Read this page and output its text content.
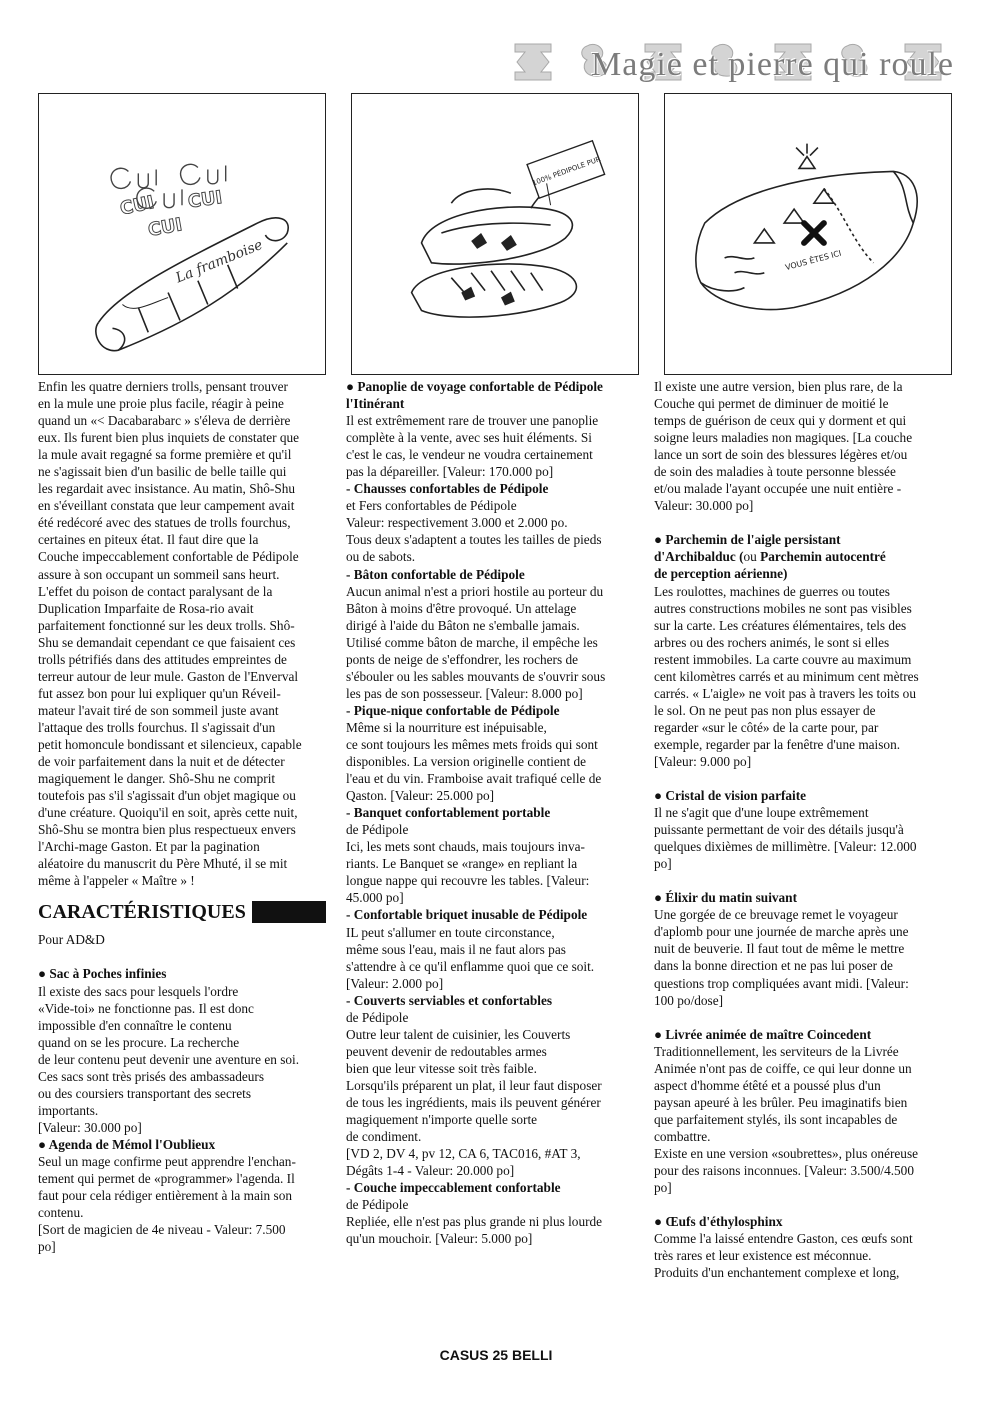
Magie et pierre qui roule
La framboise
CUI
CUI
CUI
100% PÉDIPOLE PUR
VOUS ÊTES ICI

Enfin les quatre derniers trolls, pensant trouver

en la mule une proie plus facile, réagir à peine

quand un «< Dacabarabarc » s'éleva de derrière

eux. Ils furent bien plus inquiets de constater que

la mule avait regagné sa forme première et qu'il

ne s'agissait bien d'un basilic de belle taille qui

les regardait avec insistance. Au matin, Shô-Shu

en s'éveillant constata que leur campement avait

été redécoré avec des statues de trolls fourchus,

certaines en piteux état. Il faut dire que la

Couche impeccablement confortable de Pédipole

assure à son occupant un sommeil sans heurt.

L'effet du poison de contact paralysant de la

Duplication Imparfaite de Rosa-rio avait

parfaitement fonctionné sur les deux trolls. Shô-

Shu se demandait cependant ce que faisaient ces

trolls pétrifiés dans des attitudes empreintes de

terreur autour de leur mule. Gaston de l'Enverval

fut assez bon pour lui expliquer qu'un Réveil-

mateur l'avait tiré de son sommeil juste avant

l'attaque des trolls fourchus. Il s'agissait d'un

petit homoncule bondissant et silencieux, capable

de voir parfaitement dans la nuit et de détecter

magiquement le danger. Shô-Shu ne comprit

toutefois pas s'il s'agissait d'un objet magique ou

d'une créature. Quoiqu'il en soit, après cette nuit,

Shô-Shu se montra bien plus respectueux envers

l'Archi-mage Gaston. Et par la pagination

aléatoire du manuscrit du Père Mhuté, il se mit

même à l'appeler « Maître » !

CARACTÉRISTIQUES

Pour AD&D

● Sac à Poches infinies

Il existe des sacs pour lesquels l'ordre

«Vide-toi» ne fonctionne pas. Il est donc

impossible d'en connaître le contenu

quand on se les procure. La recherche

de leur contenu peut devenir une aventure en soi.

Ces sacs sont très prisés des ambassadeurs

ou des coursiers transportant des secrets

importants.

[Valeur: 30.000 po]

● Agenda de Mémol l'Oublieux

Seul un mage confirme peut apprendre l'enchan-

tement qui permet de «programmer» l'agenda. Il

faut pour cela rédiger entièrement à la main son

contenu.

[Sort de magicien de 4e niveau - Valeur: 7.500

po]

● Panoplie de voyage confortable de Pédipole

l'Itinérant

Il est extrêmement rare de trouver une panoplie

complète à la vente, avec ses huit éléments. Si

c'est le cas, le vendeur ne voudra certainement

pas la dépareiller. [Valeur: 170.000 po]

- Chausses confortables de Pédipole

et Fers confortables de Pédipole

Valeur: respectivement 3.000 et 2.000 po.

Tous deux s'adaptent a toutes les tailles de pieds

ou de sabots.

- Bâton confortable de Pédipole

Aucun animal n'est a priori hostile au porteur du

Bâton à moins d'être provoqué. Un attelage

dirigé à l'aide du Bâton ne s'emballe jamais.

Utilisé comme bâton de marche, il empêche les

ponts de neige de s'effondrer, les rochers de

s'ébouler ou les sables mouvants de s'ouvrir sous

les pas de son possesseur. [Valeur: 8.000 po]

- Pique-nique confortable de Pédipole

Même si la nourriture est inépuisable,

ce sont toujours les mêmes mets froids qui sont

disponibles. La version originelle contient de

l'eau et du vin. Framboise avait trafiqué celle de

Qaston. [Valeur: 25.000 po]

- Banquet confortablement portable

de Pédipole

Ici, les mets sont chauds, mais toujours inva-

riants. Le Banquet se «range» en repliant la

longue nappe qui recouvre les tables. [Valeur:

45.000 po]

- Confortable briquet inusable de Pédipole

IL peut s'allumer en toute circonstance,

même sous l'eau, mais il ne faut alors pas

s'attendre à ce qu'il enflamme quoi que ce soit.

[Valeur: 2.000 po]

- Couverts serviables et confortables

de Pédipole

Outre leur talent de cuisinier, les Couverts

peuvent devenir de redoutables armes

bien que leur vitesse soit très faible.

Lorsqu'ils préparent un plat, il leur faut disposer

de tous les ingrédients, mais ils peuvent générer

magiquement n'importe quelle sorte

de condiment.

[VD 2, DV 4, pv 12, CA 6, TAC016, #AT 3,

Dégâts 1-4 - Valeur: 20.000 po]

- Couche impeccablement confortable

de Pédipole

Repliée, elle n'est pas plus grande ni plus lourde

qu'un mouchoir. [Valeur: 5.000 po]

Il existe une autre version, bien plus rare, de la

Couche qui permet de diminuer de moitié le

temps de guérison de ceux qui y dorment et qui

soigne leurs maladies non magiques. [La couche

lance un sort de soin des blessures légères et/ou

de soin des maladies à toute personne blessée

et/ou malade l'ayant occupée une nuit entière -

Valeur: 30.000 po]

● Parchemin de l'aigle persistant

d'Archibalduc (ou Parchemin autocentré

de perception aérienne)

Les roulottes, machines de guerres ou toutes

autres constructions mobiles ne sont pas visibles

sur la carte. Les créatures élémentaires, tels des

arbres ou des rochers animés, le sont si elles

restent immobiles. La carte couvre au maximum

cent kilomètres carrés et au minimum cent mètres

carrés. « L'aigle» ne voit pas à travers les toits ou

le sol. On ne peut pas non plus essayer de

regarder «sur le côté» de la carte pour, par

exemple, regarder par la fenêtre d'une maison.

[Valeur: 9.000 po]

● Cristal de vision parfaite

Il ne s'agit que d'une loupe extrêmement

puissante permettant de voir des détails jusqu'à

quelques dixièmes de millimètre. [Valeur: 12.000

po]

● Élixir du matin suivant

Une gorgée de ce breuvage remet le voyageur

d'aplomb pour une journée de marche après une

nuit de beuverie. Il faut tout de même le mettre

dans la bonne direction et ne pas lui poser de

questions trop compliquées avant midi. [Valeur:

100 po/dose]

● Livrée animée de maître Coincedent

Traditionnellement, les serviteurs de la Livrée

Animée n'ont pas de coiffe, ce qui leur donne un

aspect d'homme étêté et a poussé plus d'un

paysan apeuré à les brûler. Peu imaginatifs bien

que parfaitement stylés, ils sont incapables de

combattre.

Existe en une version «soubrettes», plus onéreuse

pour des raisons inconnues. [Valeur: 3.500/4.500

po]

● Œufs d'éthylosphinx

Comme l'a laissé entendre Gaston, ces œufs sont

très rares et leur existence est méconnue.

Produits d'un enchantement complexe et long,

CASUS 25 BELLI
